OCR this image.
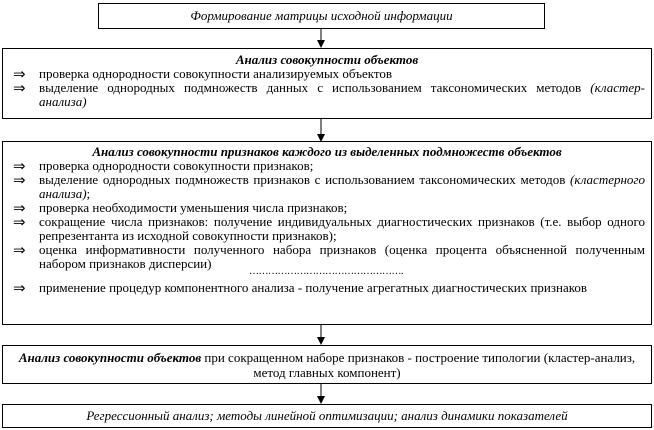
Формирование матрицы исходной информации
Анализ совокупности объектов
⇒ проверка однородности совокупности анализируемых объектов
⇒ выделение однородных подмножеств данных с использованием таксономических методов (кластер-анализа)
Анализ совокупности признаков каждого из выделенных подмножеств объектов
⇒ проверка однородности совокупности признаков;
⇒ выделение однородных подмножеств признаков с использованием таксономических методов (кластерного анализа);
⇒ проверка необходимости уменьшения числа признаков;
⇒ сокращение числа признаков: получение индивидуальных диагностических признаков (т.е. выбор одного репрезентанта из исходной совокупности признаков);
⇒ оценка информативности полученного набора признаков (оценка процента объясненной полученным набором признаков дисперсии)
………………………………………….
⇒ применение процедур компонентного анализа - получение агрегатных диагностических признаков
Анализ совокупности объектов при сокращенном наборе признаков - построение типологии (кластер-анализ, метод главных компонент)
Регрессионный анализ; методы линейной оптимизации; анализ динамики показателей
